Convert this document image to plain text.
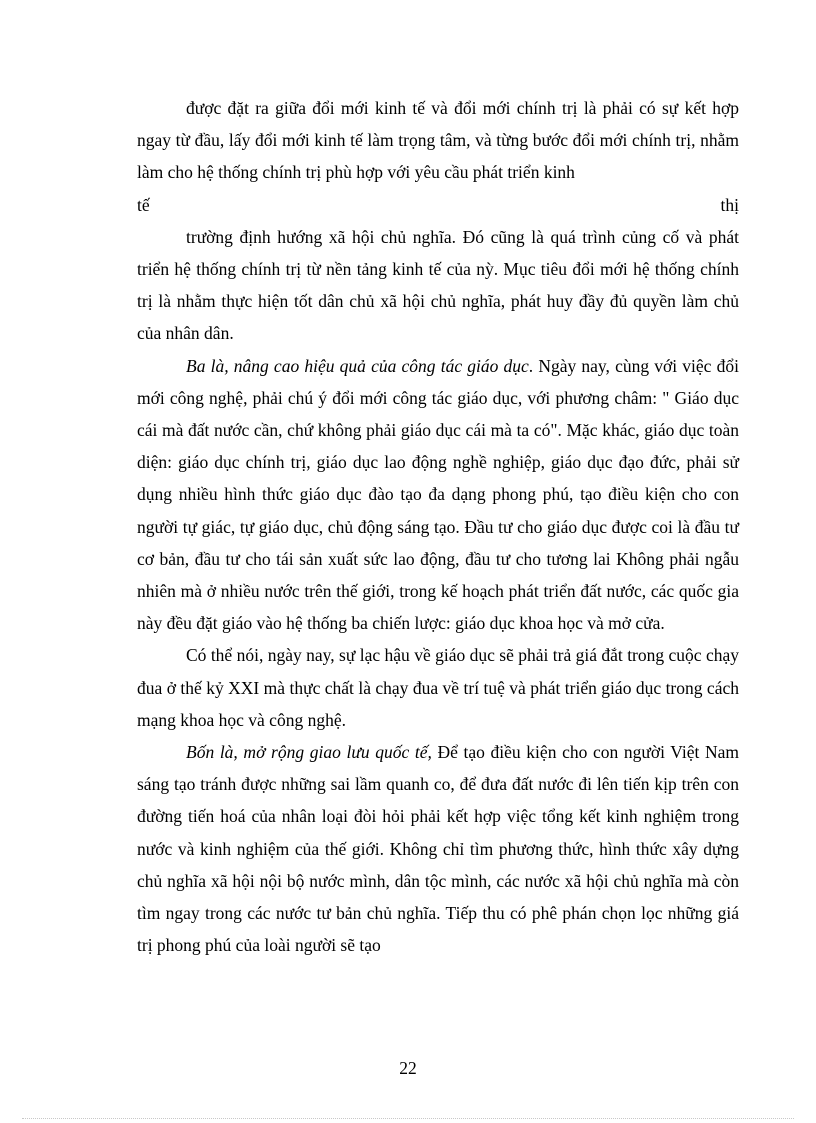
được đặt ra giữa đổi mới kinh tế và đổi mới chính trị là phải có sự kết hợp ngay từ đầu, lấy đổi mới kinh tế làm trọng tâm, và từng bước đổi mới chính trị, nhằm làm cho hệ thống chính trị phù hợp với yêu cầu phát triển kinh

tế thị

trường định hướng xã hội chủ nghĩa. Đó cũng là quá trình củng cố và phát triển hệ thống chính trị từ nền tảng kinh tế của nỳ. Mục tiêu đổi mới hệ thống chính trị là nhằm thực hiện tốt dân chủ xã hội chủ nghĩa, phát huy đầy đủ quyền làm chủ của nhân dân.

Ba là, nâng cao hiệu quả của công tác giáo dục. Ngày nay, cùng với việc đổi mới công nghệ, phải chú ý đổi mới công tác giáo dục, với phương châm: " Giáo dục cái mà đất nước cần, chứ không phải giáo dục cái mà ta có". Mặc khác, giáo dục toàn diện: giáo dục chính trị, giáo dục lao động nghề nghiệp, giáo dục đạo đức, phải sử dụng nhiều hình thức giáo dục đào tạo đa dạng phong phú, tạo điều kiện cho con người tự giác, tự giáo dục, chủ động sáng tạo. Đầu tư cho giáo dục được coi là đầu tư cơ bản, đầu tư cho tái sản xuất sức lao động, đầu tư cho tương lai Không phải ngẫu nhiên mà ở nhiều nước trên thế giới, trong kế hoạch phát triển đất nước, các quốc gia này đều đặt giáo vào hệ thống ba chiến lược: giáo dục khoa học và mở cửa.

Có thể nói, ngày nay, sự lạc hậu về giáo dục sẽ phải trả giá đắt trong cuộc chạy đua ở thế kỷ XXI mà thực chất là chạy đua về trí tuệ và phát triển giáo dục trong cách mạng khoa học và công nghệ.

Bốn là, mở rộng giao lưu quốc tế, Để tạo điều kiện cho con người Việt Nam sáng tạo tránh được những sai lầm quanh co, để đưa đất nước đi lên tiến kịp trên con đường tiến hoá của nhân loại đòi hỏi phải kết hợp việc tổng kết kinh nghiệm trong nước và kinh nghiệm của thế giới. Không chỉ tìm phương thức, hình thức xây dựng chủ nghĩa xã hội nội bộ nước mình, dân tộc mình, các nước xã hội chủ nghĩa mà còn tìm ngay trong các nước tư bản chủ nghĩa. Tiếp thu có phê phán chọn lọc những giá trị phong phú của loài người sẽ tạo

22
